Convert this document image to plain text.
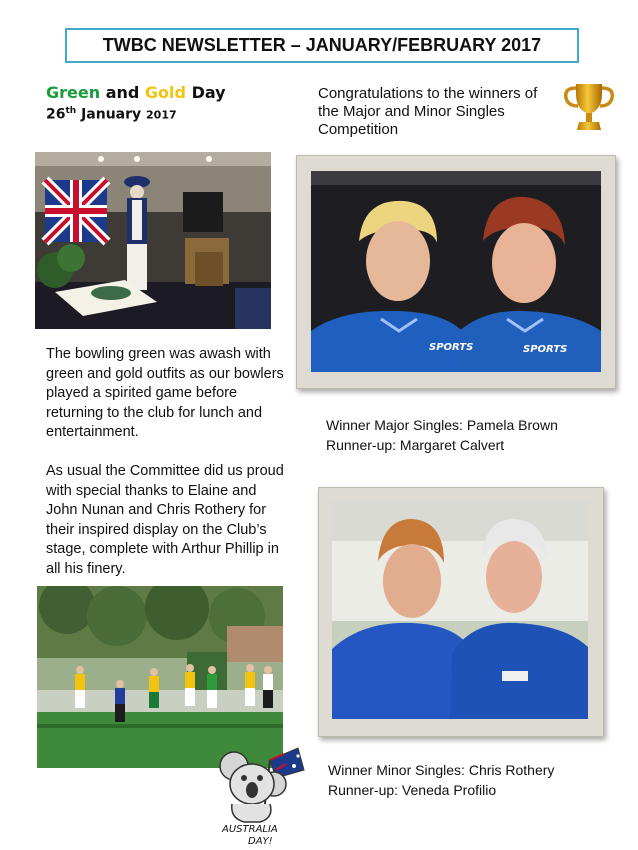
TWBC NEWSLETTER – JANUARY/FEBRUARY 2017
Green and Gold Day
26th January 2017
Congratulations to the winners of the Major and Minor Singles Competition
The bowling green was awash with green and gold outfits as our bowlers played a spirited game before returning to the club for lunch and entertainment.
As usual the Committee did us proud with special thanks to Elaine and John Nunan and Chris Rothery for their inspired display on the Club’s stage, complete with Arthur Phillip in all his finery.
SPORTS	SPORTS
Winner Major Singles: Pamela Brown
Runner-up: Margaret Calvert
Winner Minor Singles: Chris Rothery
Runner-up: Veneda Profilio
AUSTRALIA
DAY!
